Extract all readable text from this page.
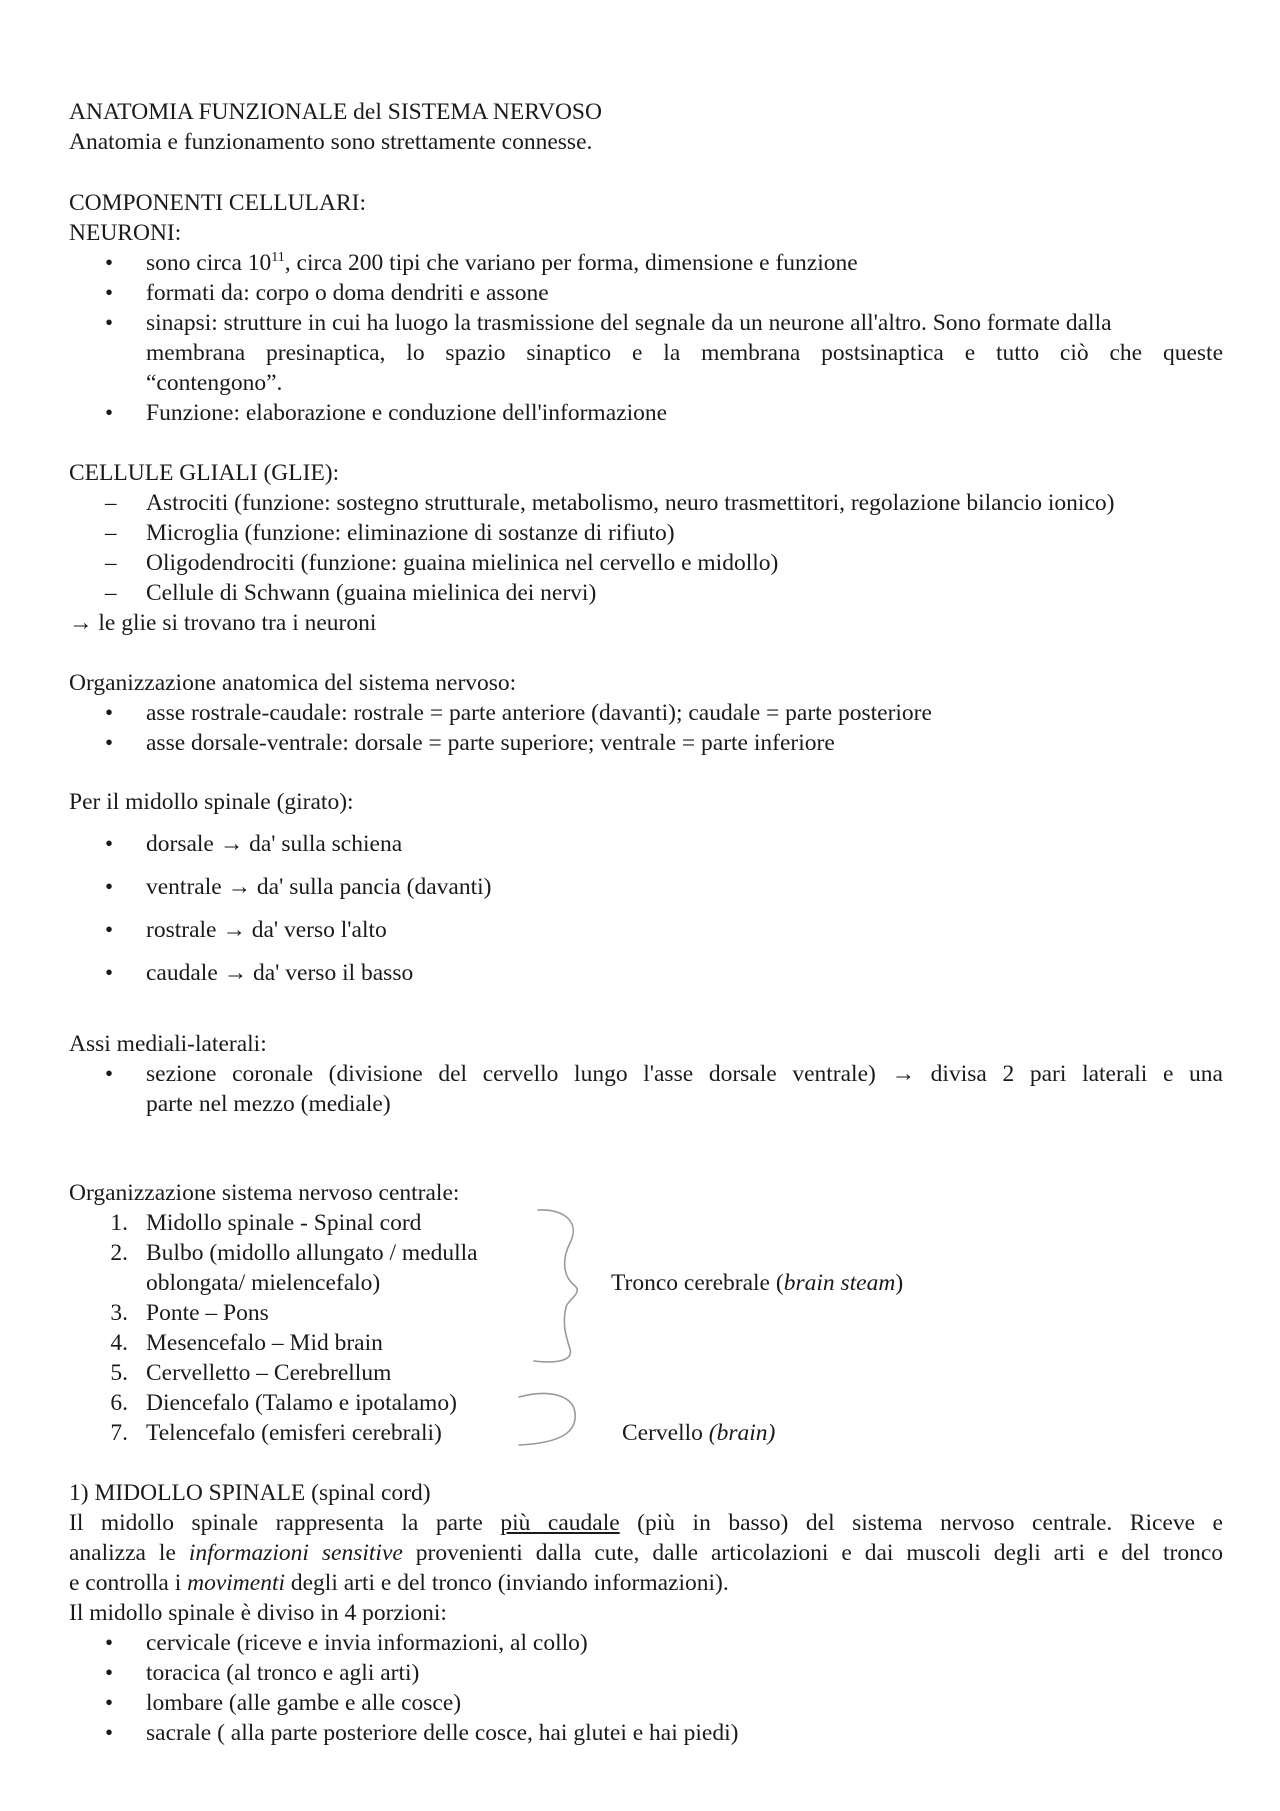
ANATOMIA FUNZIONALE del SISTEMA NERVOSO
Anatomia e funzionamento sono strettamente connesse.
COMPONENTI CELLULARI:
NEURONI:
• sono circa $10^{11}$, circa 200 tipi che variano per forma, dimensione e funzione
• formati da: corpo o doma dendriti e assone
• sinapsi: strutture in cui ha luogo la trasmissione del segnale da un neurone all'altro. Sono formate dalla
membrana presinaptica, lo spazio sinaptico e la membrana postsinaptica e tutto ciò che queste
“contengono”.
• Funzione: elaborazione e conduzione dell'informazione
CELLULE GLIALI (GLIE):
– Astrociti (funzione: sostegno strutturale, metabolismo, neuro trasmettitori, regolazione bilancio ionico)
– Microglia (funzione: eliminazione di sostanze di rifiuto)
– Oligodendrociti (funzione: guaina mielinica nel cervello e midollo)
– Cellule di Schwann (guaina mielinica dei nervi)
→ le glie si trovano tra i neuroni
Organizzazione anatomica del sistema nervoso:
• asse rostrale-caudale: rostrale = parte anteriore (davanti); caudale = parte posteriore
• asse dorsale-ventrale: dorsale = parte superiore; ventrale = parte inferiore
Per il midollo spinale (girato):
• dorsale → da' sulla schiena
• ventrale → da' sulla pancia (davanti)
• rostrale → da' verso l'alto
• caudale → da' verso il basso
Assi mediali-laterali:
• sezione coronale (divisione del cervello lungo l'asse dorsale ventrale) → divisa 2 pari laterali e una
parte nel mezzo (mediale)
Organizzazione sistema nervoso centrale:
1. Midollo spinale - Spinal cord
2. Bulbo (midollo allungato / medulla
oblongata/ mielencefalo)
3. Ponte – Pons
4. Mesencefalo – Mid brain
5. Cervelletto – Cerebrellum
6. Diencefalo (Talamo e ipotalamo)
7. Telencefalo (emisferi cerebrali)
Tronco cerebrale (brain steam)
Cervello (brain)
1) MIDOLLO SPINALE (spinal cord)
Il midollo spinale rappresenta la parte più caudale (più in basso) del sistema nervoso centrale. Riceve e
analizza le informazioni sensitive provenienti dalla cute, dalle articolazioni e dai muscoli degli arti e del tronco
e controlla i movimenti degli arti e del tronco (inviando informazioni).
Il midollo spinale è diviso in 4 porzioni:
• cervicale (riceve e invia informazioni, al collo)
• toracica (al tronco e agli arti)
• lombare (alle gambe e alle cosce)
• sacrale ( alla parte posteriore delle cosce, hai glutei e hai piedi)
